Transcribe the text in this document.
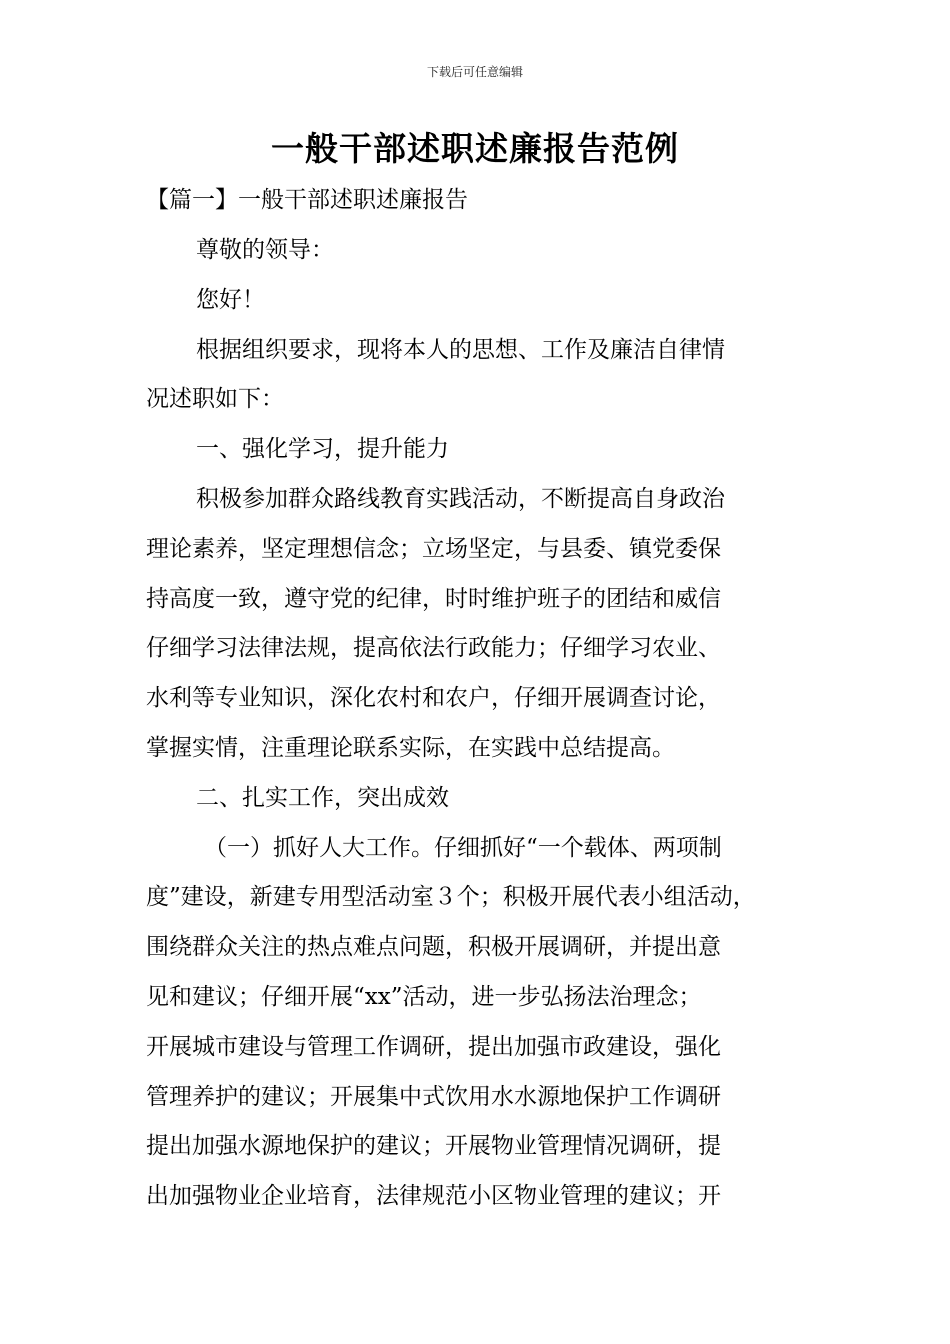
下载后可任意编辑
一般干部述职述廉报告范例
【篇一】一般干部述职述廉报告
尊敬的领导：
您好！
根据组织要求，现将本人的思想、工作及廉洁自律情
况述职如下：
一、强化学习，提升能力
积极参加群众路线教育实践活动，不断提高自身政治
理论素养，坚定理想信念；立场坚定，与县委、镇党委保
持高度一致，遵守党的纪律，时时维护班子的团结和威信
仔细学习法律法规，提高依法行政能力；仔细学习农业、
水利等专业知识，深化农村和农户，仔细开展调查讨论，
掌握实情，注重理论联系实际，在实践中总结提高。
二、扎实工作，突出成效
（一）抓好人大工作。仔细抓好“一个载体、两项制
度”建设，新建专用型活动室３个；积极开展代表小组活动，
围绕群众关注的热点难点问题，积极开展调研，并提出意
见和建议；仔细开展“xx”活动，进一步弘扬法治理念；
开展城市建设与管理工作调研，提出加强市政建设，强化
管理养护的建议；开展集中式饮用水水源地保护工作调研
提出加强水源地保护的建议；开展物业管理情况调研，提
出加强物业企业培育，法律规范小区物业管理的建议；开
